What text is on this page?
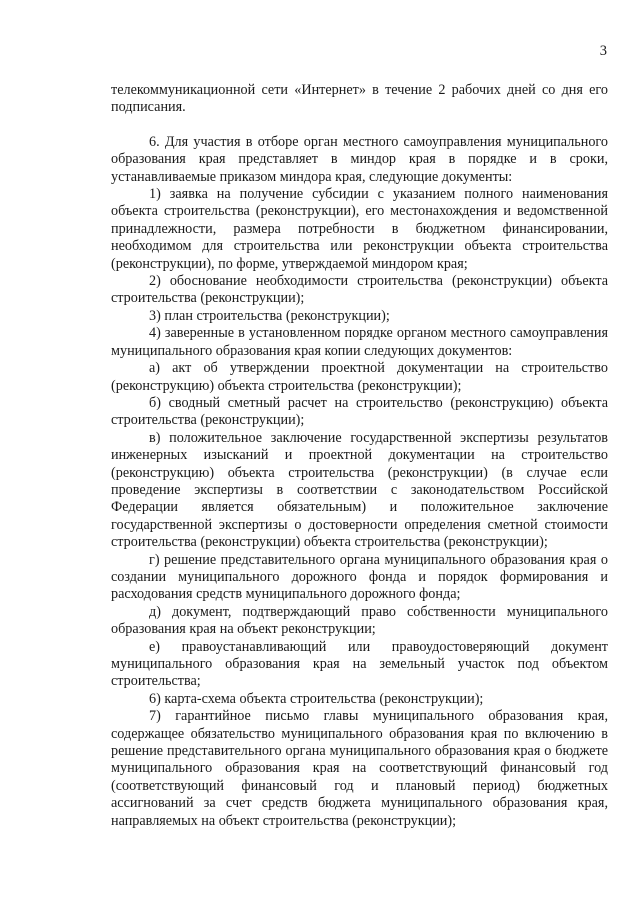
3

телекоммуникационной сети «Интернет» в течение 2 рабочих дней со дня его подписания.

6. Для участия в отборе орган местного самоуправления муниципального образования края представляет в миндор края в порядке и в сроки, устанавливаемые приказом миндора края, следующие документы:

1) заявка на получение субсидии с указанием полного наименования объекта строительства (реконструкции), его местонахождения и ведомственной принадлежности, размера потребности в бюджетном финансировании, необходимом для строительства или реконструкции объекта строительства (реконструкции), по форме, утверждаемой миндором края;

2) обоснование необходимости строительства (реконструкции) объекта строительства (реконструкции);

3) план строительства (реконструкции);

4) заверенные в установленном порядке органом местного самоуправления муниципального образования края копии следующих документов:

а) акт об утверждении проектной документации на строительство (реконструкцию) объекта строительства (реконструкции);

б) сводный сметный расчет на строительство (реконструкцию) объекта строительства (реконструкции);

в) положительное заключение государственной экспертизы результатов инженерных изысканий и проектной документации на строительство (реконструкцию) объекта строительства (реконструкции) (в случае если проведение экспертизы в соответствии с законодательством Российской Федерации является обязательным) и положительное заключение государственной экспертизы о достоверности определения сметной стоимости строительства (реконструкции) объекта строительства (реконструкции);

г) решение представительного органа муниципального образования края о создании муниципального дорожного фонда и порядок формирования и расходования средств муниципального дорожного фонда;

д) документ, подтверждающий право собственности муниципального образования края на объект реконструкции;

е) правоустанавливающий или правоудостоверяющий документ муниципального образования края на земельный участок под объектом строительства;

6) карта-схема объекта строительства (реконструкции);

7) гарантийное письмо главы муниципального образования края, содержащее обязательство муниципального образования края по включению в решение представительного органа муниципального образования края о бюджете муниципального образования края на соответствующий финансовый год (соответствующий финансовый год и плановый период) бюджетных ассигнований за счет средств бюджета муниципального образования края, направляемых на объект строительства (реконструкции);
